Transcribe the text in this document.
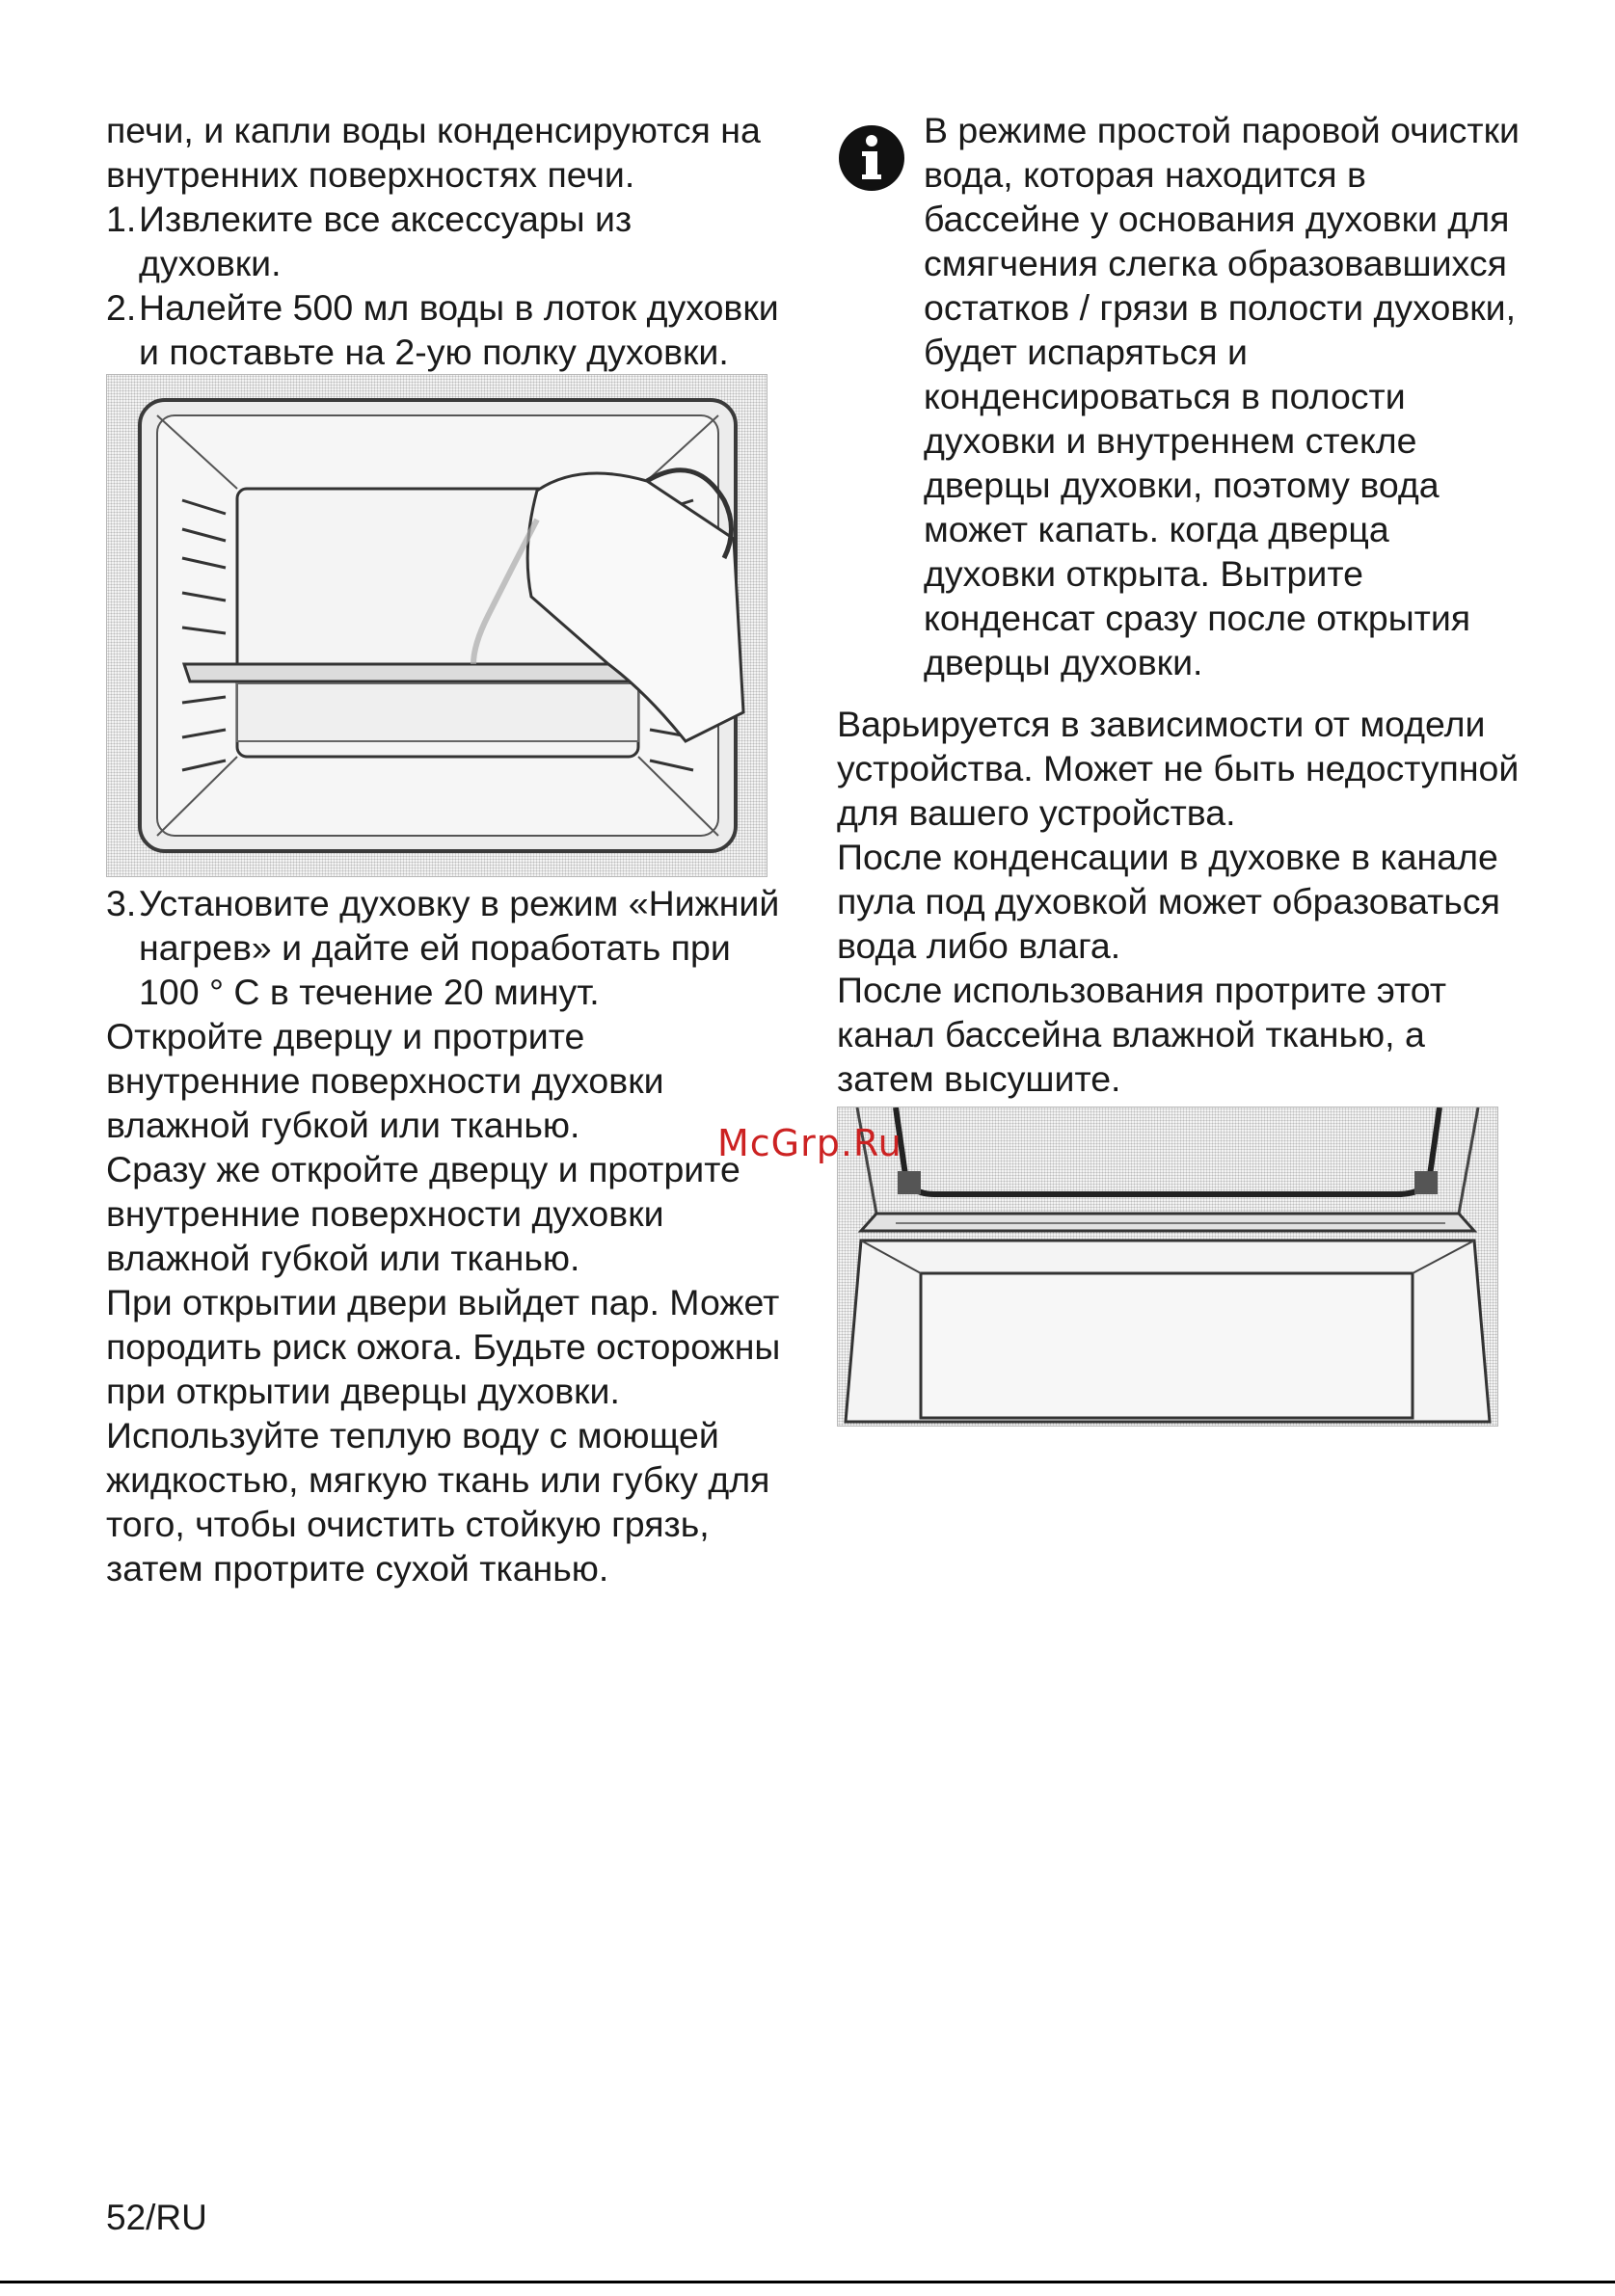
печи, и капли воды конденсируются на внутренних поверхностях печи.

1. Извлеките все аксессуары из духовки.
2. Налейте 500 мл воды в лоток духовки и поставьте на 2-ую полку духовки.
3. Установите духовку в режим «Нижний нагрев» и дайте ей поработать при 100 ° C в течение 20 минут.

Откройте дверцу и протрите внутренние поверхности духовки влажной губкой или тканью.

Сразу же откройте дверцу и протрите внутренние поверхности духовки влажной губкой или тканью.

При открытии двери выйдет пар. Может породить риск ожога. Будьте осторожны при открытии дверцы духовки.

Используйте теплую воду с моющей жидкостью, мягкую ткань или губку для того, чтобы очистить стойкую грязь, затем протрите сухой тканью.

В режиме простой паровой очистки вода, которая находится в бассейне у основания духовки для смягчения слегка образовавшихся остатков / грязи в полости духовки, будет испаряться и конденсироваться в полости духовки и внутреннем стекле дверцы духовки, поэтому вода может капать. когда дверца духовки открыта. Вытрите конденсат сразу после открытия дверцы духовки.

Варьируется в зависимости от модели устройства. Может не быть недоступной для вашего устройства.

После конденсации в духовке в канале пула под духовкой может образоваться вода либо влага.

После использования протрите этот канал бассейна влажной тканью, а затем высушите.

McGrp.Ru
52/RU
